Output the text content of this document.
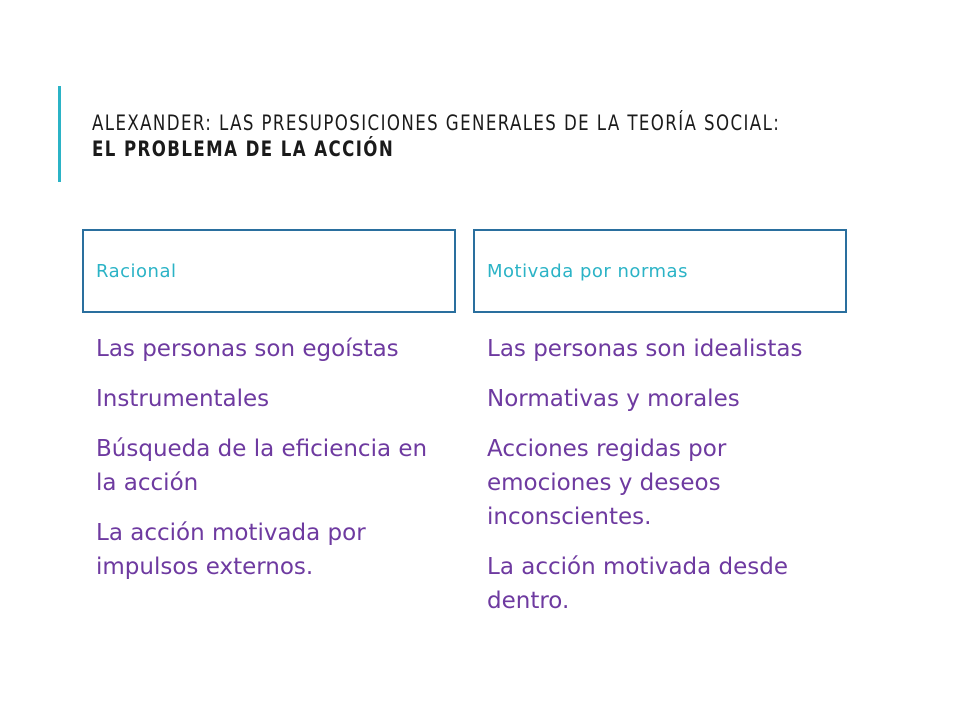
ALEXANDER: LAS PRESUPOSICIONES GENERALES DE LA TEORÍA SOCIAL:
EL PROBLEMA DE LA ACCIÓN
Racional	Motivada por normas
Las personas son egoístas
Instrumentales
Búsqueda de la eficiencia en la acción
La acción motivada por impulsos externos.
Las personas son idealistas
Normativas y morales
Acciones regidas por emociones y deseos inconscientes.
La acción motivada desde dentro.
